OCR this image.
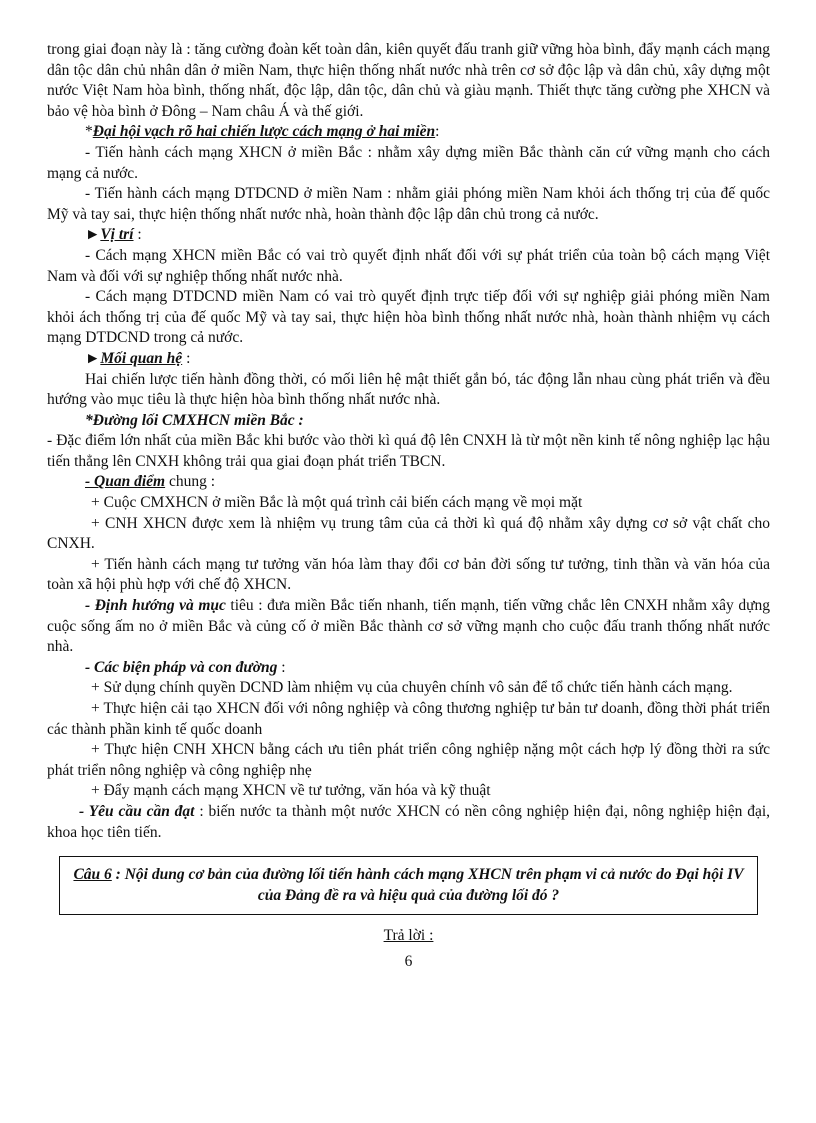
trong giai đoạn này là : tăng cường đoàn kết toàn dân, kiên quyết đấu tranh giữ vững hòa bình, đẩy mạnh cách mạng dân tộc dân chủ nhân dân ở miền Nam, thực hiện thống nhất nước nhà trên cơ sở độc lập và dân chủ, xây dựng một nước Việt Nam hòa bình, thống nhất, độc lập, dân tộc, dân chủ và giàu mạnh. Thiết thực tăng cường phe XHCN và bảo vệ hòa bình ở Đông – Nam châu Á và thế giới.

*Đại hội vạch rõ hai chiến lược cách mạng ở hai miền:

- Tiến hành cách mạng XHCN ở miền Bắc : nhằm xây dựng miền Bắc thành căn cứ vững mạnh cho cách mạng cả nước.

- Tiến hành cách mạng DTDCND ở miền Nam : nhằm giải phóng miền Nam khỏi ách thống trị của đế quốc Mỹ và tay sai, thực hiện thống nhất nước nhà, hoàn thành độc lập dân chủ trong cả nước.

►Vị trí :

- Cách mạng XHCN miền Bắc có vai trò quyết định nhất đối với sự phát triển của toàn bộ cách mạng Việt Nam và đối với sự nghiệp thống nhất nước nhà.

- Cách mạng DTDCND miền Nam có vai trò quyết định trực tiếp đối với sự nghiệp giải phóng miền Nam khỏi ách thống trị của đế quốc Mỹ và tay sai, thực hiện hòa bình thống nhất nước nhà, hoàn thành nhiệm vụ cách mạng DTDCND trong cả nước.

►Mối quan hệ :

Hai chiến lược tiến hành đồng thời, có mối liên hệ mật thiết gắn bó, tác động lẫn nhau cùng phát triển và đều hướng vào mục tiêu là thực hiện hòa bình thống nhất nước nhà.

*Đường lối CMXHCN miền Bắc :

- Đặc điểm lớn nhất của miền Bắc khi bước vào thời kì quá độ lên CNXH là từ một nền kinh tế nông nghiệp lạc hậu tiến thẳng lên CNXH không trải qua giai đoạn phát triển TBCN.

- Quan điểm chung :

+ Cuộc CMXHCN ở miền Bắc là một quá trình cải biến cách mạng về mọi mặt

+ CNH XHCN được xem là nhiệm vụ trung tâm của cả thời kì quá độ nhằm xây dựng cơ sở vật chất cho CNXH.

+ Tiến hành cách mạng tư tưởng văn hóa làm thay đổi cơ bản đời sống tư tưởng, tinh thần và văn hóa của toàn xã hội phù hợp với chế độ XHCN.

- Định hướng và mục tiêu : đưa miền Bắc tiến nhanh, tiến mạnh, tiến vững chắc lên CNXH nhằm xây dựng cuộc sống ấm no ở miền Bắc và củng cố ở miền Bắc thành cơ sở vững mạnh cho cuộc đấu tranh thống nhất nước nhà.

- Các biện pháp và con đường :

+ Sử dụng chính quyền DCND làm nhiệm vụ của chuyên chính vô sản để tổ chức tiến hành cách mạng.

+ Thực hiện cải tạo XHCN đối với nông nghiệp và công thương nghiệp tư bản tư doanh, đồng thời phát triển các thành phần kinh tế quốc doanh

+ Thực hiện CNH XHCN bằng cách ưu tiên phát triển công nghiệp nặng một cách hợp lý đồng thời ra sức phát triển nông nghiệp và công nghiệp nhẹ

+ Đẩy mạnh cách mạng XHCN về tư tưởng, văn hóa và kỹ thuật

- Yêu cầu cần đạt : biến nước ta thành một nước XHCN có nền công nghiệp hiện đại, nông nghiệp hiện đại, khoa học tiên tiến.

Câu 6 : Nội dung cơ bản của đường lối tiến hành cách mạng XHCN trên phạm vi cả nước do Đại hội IV của Đảng đề ra và hiệu quả của đường lối đó ?

Trả lời :

6
